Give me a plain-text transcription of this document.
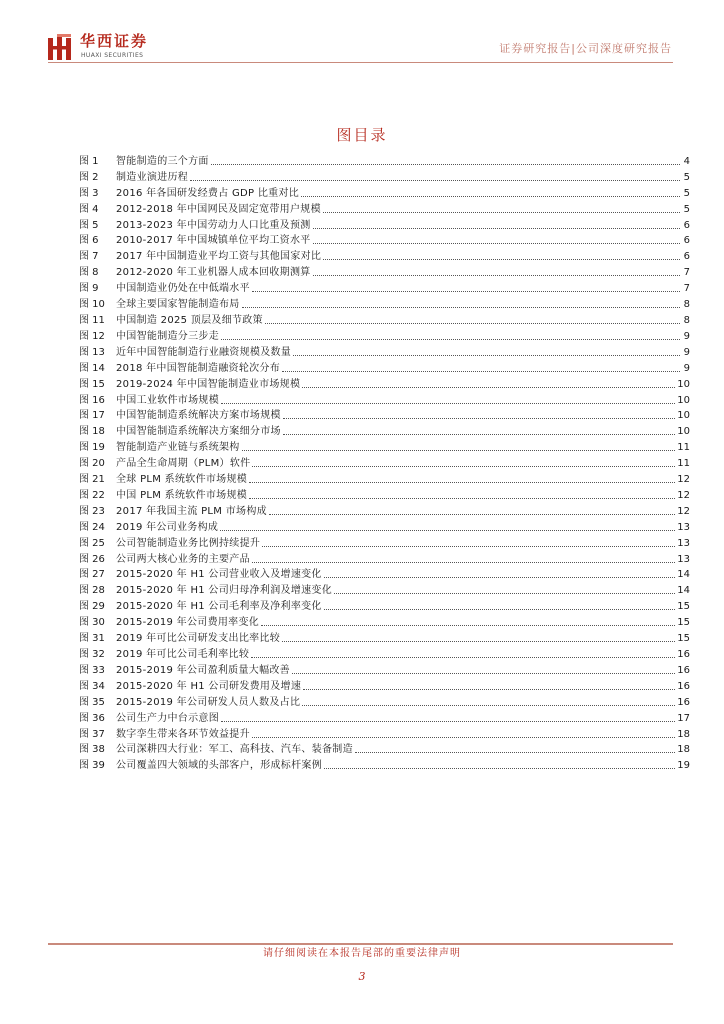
华西证券
HUAXI SECURITIES
证券研究报告|公司深度研究报告
图目录
图 1	智能制造的三个方面	4
图 2	制造业演进历程	5
图 3	2016 年各国研发经费占 GDP 比重对比	5
图 4	2012-2018 年中国网民及固定宽带用户规模	5
图 5	2013-2023 年中国劳动力人口比重及预测	6
图 6	2010-2017 年中国城镇单位平均工资水平	6
图 7	2017 年中国制造业平均工资与其他国家对比	6
图 8	2012-2020 年工业机器人成本回收期测算	7
图 9	中国制造业仍处在中低端水平	7
图 10	全球主要国家智能制造布局	8
图 11	中国制造 2025 顶层及细节政策	8
图 12	中国智能制造分三步走	9
图 13	近年中国智能制造行业融资规模及数量	9
图 14	2018 年中国智能制造融资轮次分布	9
图 15	2019-2024 年中国智能制造业市场规模	10
图 16	中国工业软件市场规模	10
图 17	中国智能制造系统解决方案市场规模	10
图 18	中国智能制造系统解决方案细分市场	10
图 19	智能制造产业链与系统架构	11
图 20	产品全生命周期（PLM）软件	11
图 21	全球 PLM 系统软件市场规模	12
图 22	中国 PLM 系统软件市场规模	12
图 23	2017 年我国主流 PLM 市场构成	12
图 24	2019 年公司业务构成	13
图 25	公司智能制造业务比例持续提升	13
图 26	公司两大核心业务的主要产品	13
图 27	2015-2020 年 H1 公司营业收入及增速变化	14
图 28	2015-2020 年 H1 公司归母净利润及增速变化	14
图 29	2015-2020 年 H1 公司毛利率及净利率变化	15
图 30	2015-2019 年公司费用率变化	15
图 31	2019 年可比公司研发支出比率比较	15
图 32	2019 年可比公司毛利率比较	16
图 33	2015-2019 年公司盈利质量大幅改善	16
图 34	2015-2020 年 H1 公司研发费用及增速	16
图 35	2015-2019 年公司研发人员人数及占比	16
图 36	公司生产力中台示意图	17
图 37	数字孪生带来各环节效益提升	18
图 38	公司深耕四大行业：军工、高科技、汽车、装备制造	18
图 39	公司覆盖四大领域的头部客户，形成标杆案例	19
请仔细阅读在本报告尾部的重要法律声明
3
